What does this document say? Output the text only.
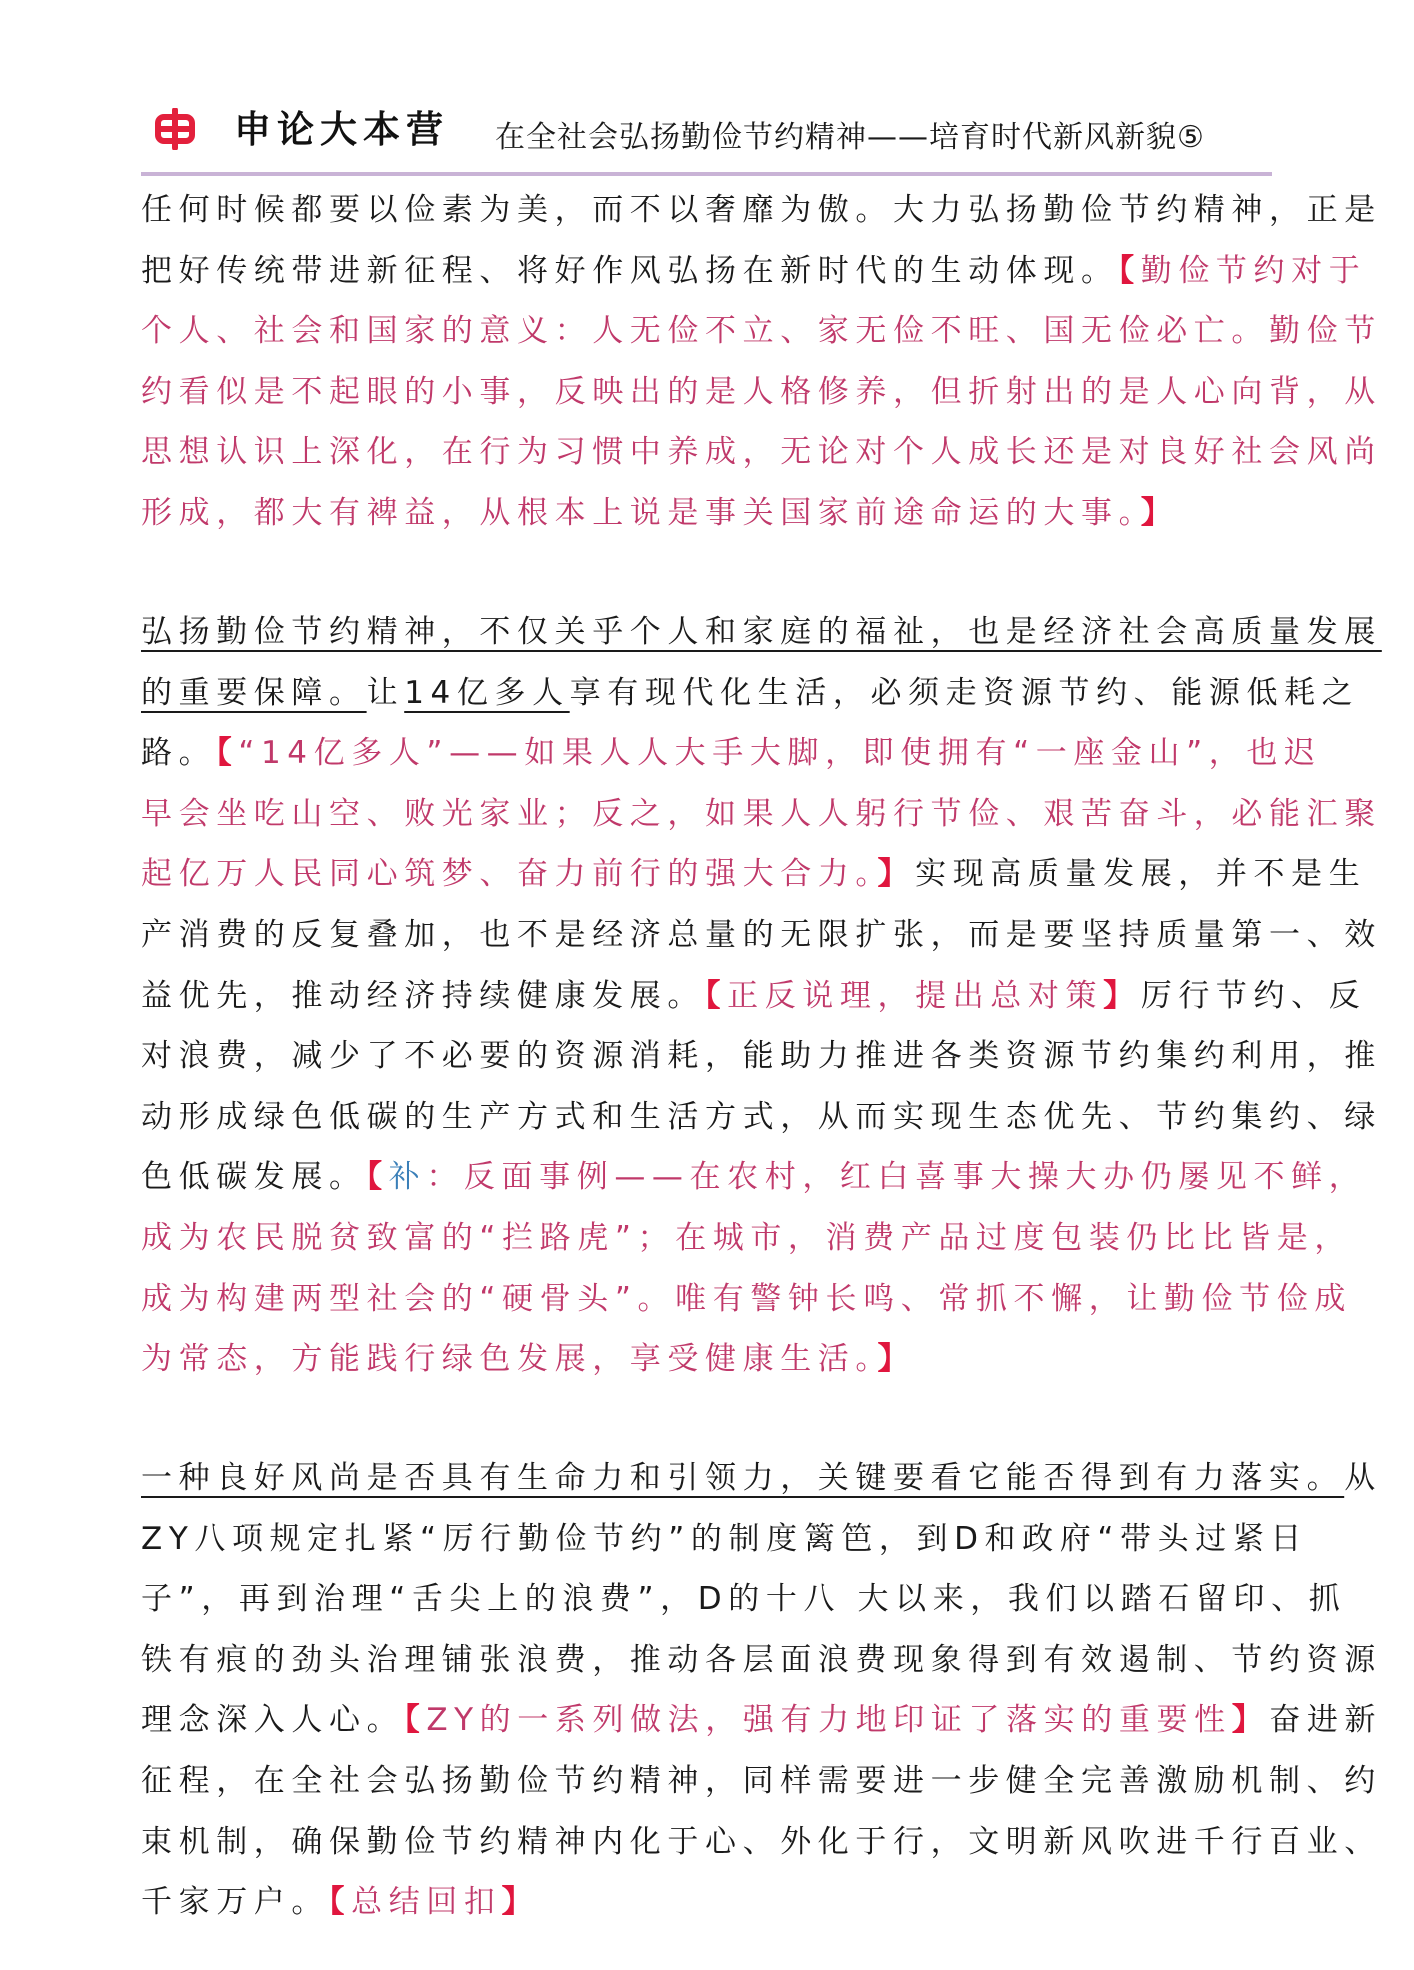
申论大本营 在全社会弘扬勤俭节约精神——培育时代新风新貌⑤
任何时候都要以俭素为美，而不以奢靡为傲。大力弘扬勤俭节约精神，正是
把好传统带进新征程、将好作风弘扬在新时代的生动体现。【勤俭节约对于
个人、社会和国家的意义：人无俭不立、家无俭不旺、国无俭必亡。勤俭节
约看似是不起眼的小事，反映出的是人格修养，但折射出的是人心向背，从
思想认识上深化，在行为习惯中养成，无论对个人成长还是对良好社会风尚
形成，都大有裨益，从根本上说是事关国家前途命运的大事。】
弘扬勤俭节约精神，不仅关乎个人和家庭的福祉，也是经济社会高质量发展
的重要保障。让14亿多人享有现代化生活，必须走资源节约、能源低耗之
路。【“14亿多人”——如果人人大手大脚，即使拥有“一座金山”，也迟
早会坐吃山空、败光家业；反之，如果人人躬行节俭、艰苦奋斗，必能汇聚
起亿万人民同心筑梦、奋力前行的强大合力。】实现高质量发展，并不是生
产消费的反复叠加，也不是经济总量的无限扩张，而是要坚持质量第一、效
益优先，推动经济持续健康发展。【正反说理，提出总对策】厉行节约、反
对浪费，减少了不必要的资源消耗，能助力推进各类资源节约集约利用，推
动形成绿色低碳的生产方式和生活方式，从而实现生态优先、节约集约、绿
色低碳发展。【补：反面事例——在农村，红白喜事大操大办仍屡见不鲜，
成为农民脱贫致富的“拦路虎”；在城市，消费产品过度包装仍比比皆是，
成为构建两型社会的“硬骨头”。唯有警钟长鸣、常抓不懈，让勤俭节俭成
为常态，方能践行绿色发展，享受健康生活。】
一种良好风尚是否具有生命力和引领力，关键要看它能否得到有力落实。从
ZY八项规定扎紧“厉行勤俭节约”的制度篱笆，到D和政府“带头过紧日
子”，再到治理“舌尖上的浪费”，D的十八 大以来，我们以踏石留印、抓
铁有痕的劲头治理铺张浪费，推动各层面浪费现象得到有效遏制、节约资源
理念深入人心。【ZY的一系列做法，强有力地印证了落实的重要性】奋进新
征程，在全社会弘扬勤俭节约精神，同样需要进一步健全完善激励机制、约
束机制，确保勤俭节约精神内化于心、外化于行，文明新风吹进千行百业、
千家万户。【总结回扣】
